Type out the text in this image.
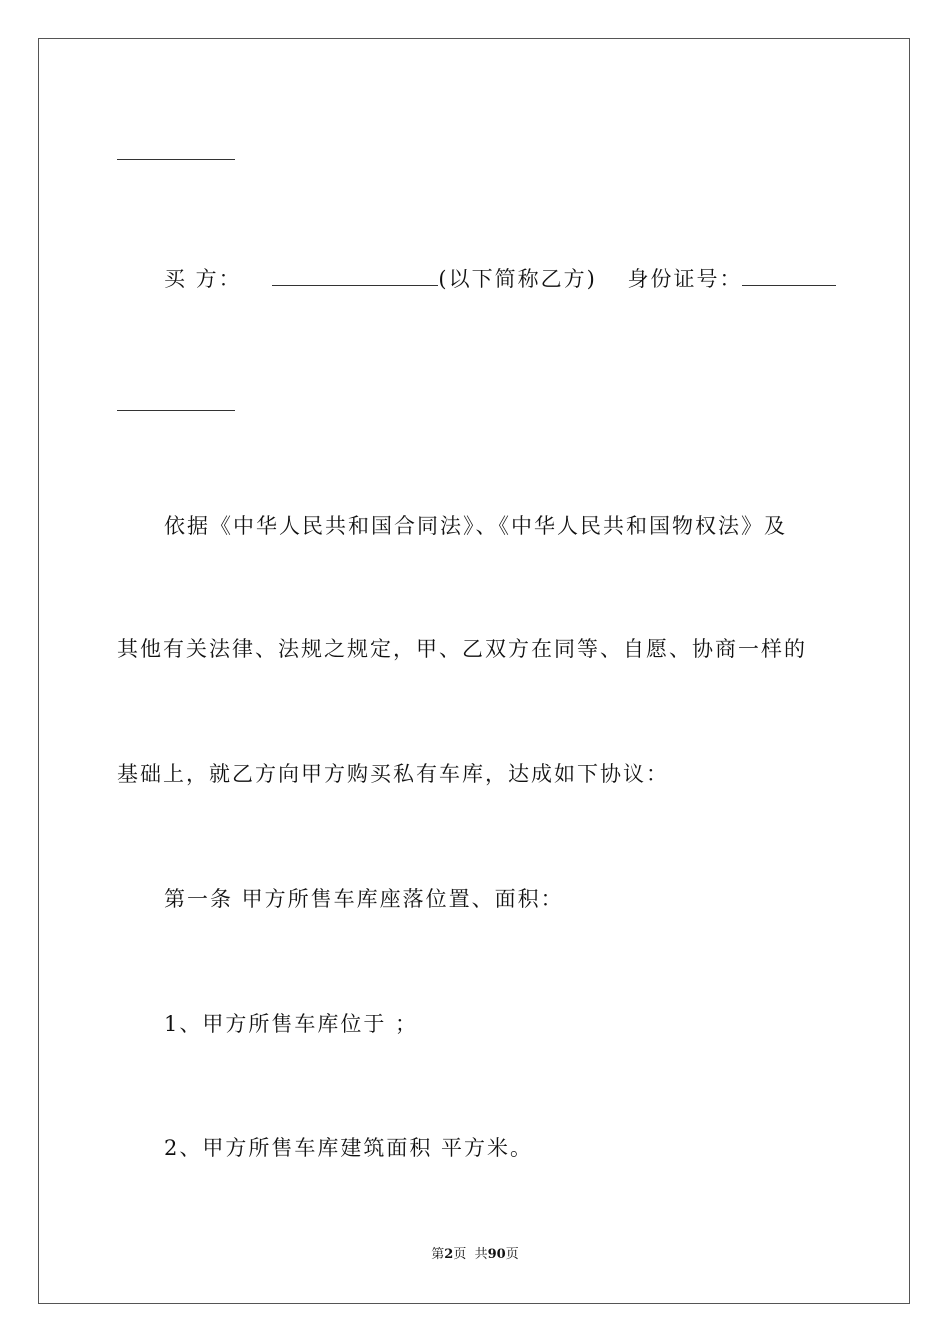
买 方：	(以下简称乙方) 身份证号：
依据《中华人民共和国合同法》、《中华人民共和国物权法》及
其他有关法律、法规之规定，甲、乙双方在同等、自愿、协商一样的
基础上，就乙方向甲方购买私有车库，达成如下协议：
第一条 甲方所售车库座落位置、面积：
1、甲方所售车库位于 ；
2、甲方所售车库建筑面积 平方米。
第2页  共90页
